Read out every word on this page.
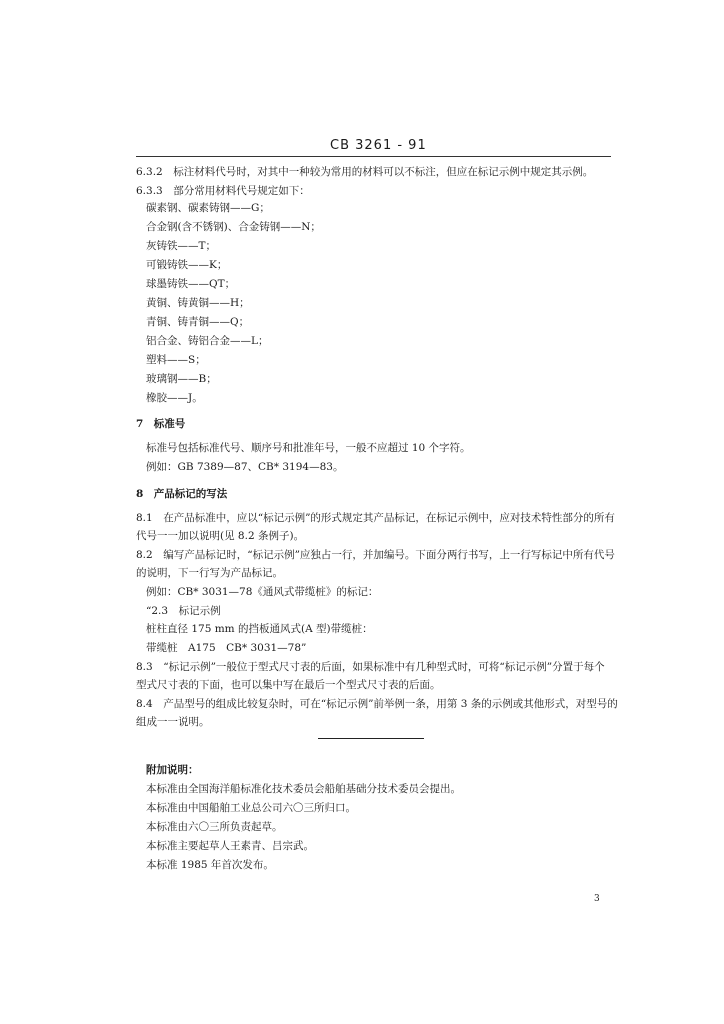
CB 3261 - 91
6.3.2　标注材料代号时，对其中一种较为常用的材料可以不标注，但应在标记示例中规定其示例。
6.3.3　部分常用材料代号规定如下：
碳素钢、碳素铸钢——G；
合金钢(含不锈钢)、合金铸钢——N；
灰铸铁——T；
可锻铸铁——K；
球墨铸铁——QT；
黄铜、铸黄铜——H；
青铜、铸青铜——Q；
铝合金、铸铝合金——L；
塑料——S；
玻璃钢——B；
橡胶——J。
7　标准号
标准号包括标准代号、顺序号和批准年号，一般不应超过 10 个字符。
例如：GB 7389—87、CB* 3194—83。
8　产品标记的写法
8.1　在产品标准中，应以“标记示例”的形式规定其产品标记，在标记示例中，应对技术特性部分的所有
代号一一加以说明(见 8.2 条例子)。
8.2　编写产品标记时，“标记示例”应独占一行，并加编号。下面分两行书写，上一行写标记中所有代号
的说明，下一行写为产品标记。
例如：CB* 3031—78《通风式带缆桩》的标记：
“2.3　标记示例
桩柱直径 175 mm 的挡板通风式(A 型)带缆桩：
带缆桩　A175　CB* 3031—78”
8.3　“标记示例”一般位于型式尺寸表的后面，如果标准中有几种型式时，可将“标记示例”分置于每个
型式尺寸表的下面，也可以集中写在最后一个型式尺寸表的后面。
8.4　产品型号的组成比较复杂时，可在“标记示例”前举例一条，用第 3 条的示例或其他形式，对型号的
组成一一说明。
附加说明：
本标准由全国海洋船标准化技术委员会船舶基础分技术委员会提出。
本标准由中国船舶工业总公司六〇三所归口。
本标准由六〇三所负责起草。
本标准主要起草人王素青、吕宗武。
本标准 1985 年首次发布。
3
